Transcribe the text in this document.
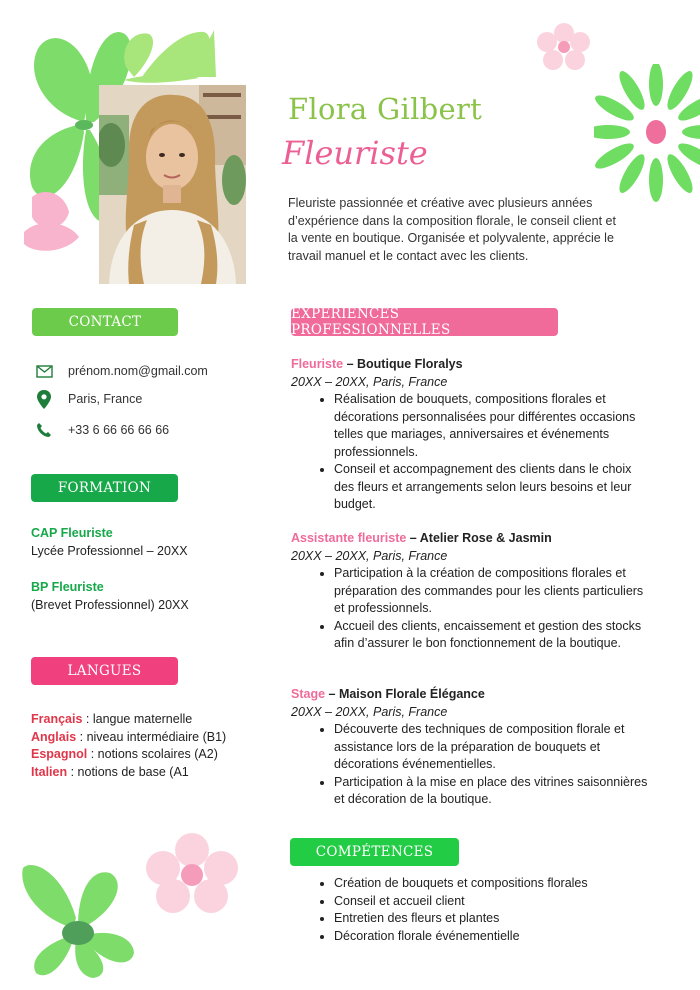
Flora Gilbert
Fleuriste
Fleuriste passionnée et créative avec plusieurs années d’expérience dans la composition florale, le conseil client et la vente en boutique. Organisée et polyvalente, apprécie le travail manuel et le contact avec les clients.
CONTACT
prénom.nom@gmail.com
Paris, France
+33 6 66 66 66 66
FORMATION
CAP Fleuriste
Lycée Professionnel – 20XX
BP Fleuriste
(Brevet Professionnel) 20XX
LANGUES
Français : langue maternelle
Anglais : niveau intermédiaire (B1)
Espagnol : notions scolaires (A2)
Italien : notions de base (A1
EXPÉRIENCES PROFESSIONNELLES
Fleuriste – Boutique Floralys
20XX – 20XX, Paris, France
• Réalisation de bouquets, compositions florales et décorations personnalisées pour différentes occasions telles que mariages, anniversaires et événements professionnels.
• Conseil et accompagnement des clients dans le choix des fleurs et arrangements selon leurs besoins et leur budget.
Assistante fleuriste – Atelier Rose & Jasmin
20XX – 20XX, Paris, France
• Participation à la création de compositions florales et préparation des commandes pour les clients particuliers et professionnels.
• Accueil des clients, encaissement et gestion des stocks afin d’assurer le bon fonctionnement de la boutique.
Stage – Maison Florale Élégance
20XX – 20XX, Paris, France
• Découverte des techniques de composition florale et assistance lors de la préparation de bouquets et décorations événementielles.
• Participation à la mise en place des vitrines saisonnières et décoration de la boutique.
COMPÉTENCES
• Création de bouquets et compositions florales
• Conseil et accueil client
• Entretien des fleurs et plantes
• Décoration florale événementielle
